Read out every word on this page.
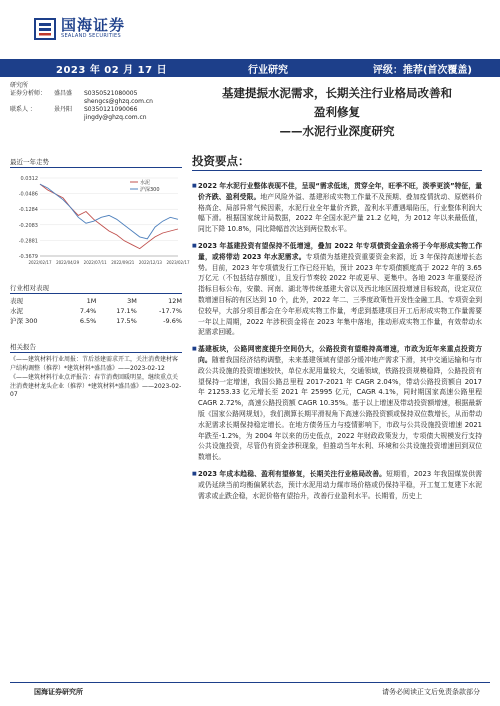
国海证券
SEALAND SECURITIES
2023 年 02 月 17 日	行业研究	评级：推荐(首次覆盖)
研究所
证券分析师：	盛昌盛	S0350521080005
shengcs@ghzq.com.cn
联系人 ：	景丹阳	S0350121090066
jingdy@ghzq.com.cn
基建提振水泥需求，长期关注行业格局改善和
盈利修复
——水泥行业深度研究
最近一年走势
0.0312
-0.0486
-0.1284
-0.2083
-0.2881
-0.3679
2022/02/17 2022/04/29 2022/07/11 2022/09/21 2022/12/13 2023/02/17
水泥
沪深300
行业相对表现
表现	1M	3M	12M
水泥	7.4%	17.1%	-17.7%
沪深 300	6.5%	17.5%	-9.6%
相关报告

《——建筑材料行业周报：节后基建需求开工，关注消费建材客户结构调整（推荐）*建筑材料*盛昌盛》——2023-02-12

《——建筑材料行业点评报告：春节消费回暖明显，继续重点关注消费建材龙头企业（推荐）*建筑材料*盛昌盛》——2023-02-07

投资要点：
■ 2022 年水泥行业整体表现不佳，呈现“需求低迷，贯穿全年，旺季不旺，淡季更淡”特征，量价齐跌、盈利受限。地产风险外溢、基建形成实物工作量不及预期、叠加疫情扰动、原燃料价格高企、局部异常气候因素，水泥行业全年量价齐跌，盈利水平遭遇塌陷压，行业整体利润大幅下滑。根据国家统计局数据，2022 年全国水泥产量 21.2 亿吨，为 2012 年以来最低值，同比下降 10.8%，同比降幅首次达到两位数水平。
■ 2023 年基建投资有望保持不低增速，叠加 2022 年专项债资金盈余将于今年形成实物工作量，或将带动 2023 年水泥需求。专项债为基建投资重要资金来源，近 3 年保持高速增长态势。目前，2023 年专项债发行工作已经开始，预计 2023 年专项债额度高于 2022 年的 3.65 万亿元（不包括结存额度），且发行节奏较 2022 年或更早、更集中。各地 2023 年重要经济指标目标公布，安徽、河南、湖北等传统基建大省以及西北地区固投增速目标较高，设定双位数增速目标的有区达到 10 个，此外，2022 年二、三季度政策性开发性金融工具、专项资金到位较早，大部分项目都会在今年形成实物工作量，考虑到基建项目开工后形成实物工作量需要一年以上周期，2022 年涉积资金将在 2023 年集中落地，推动形成实物工作量，有效带动水泥需求回暖。
■ 基建板块，公路网密度提升空间仍大，公路投资有望维持高增速，市政为近年来重点投资方向。随着我国经济结构调整，未来基建领域有望部分缓冲地产需求下滑，其中交通运输和与市政公共设施的投资增速较快，单位水泥用量较大，交通领域，铁路投资规模稳降，公路投资有望保持一定增速，我国公路总里程 2017-2021 年 CAGR 2.04%，带动公路投资额自 2017 年 21253.33 亿元增长至 2021 年 25995 亿元，CAGR 4.1%，同时期国家高速公路里程 CAGR 2.72%，高速公路投资额 CAGR 10.35%。基于以上增速及带动投资额增速，根据最新版《国家公路网规划》，我们测算长期平滑视角下高速公路投资额或保持双位数增长，从而带动水泥需求长期保持稳定增长。在地方债务压力与疫情影响下，市政与公共设施投资增速 2021 年跌至-1.2%，为 2004 年以来的历史低点，2022 年财政政策发力，专项债大规模发行支持公共设施投资，尽管仍有资金涉积现象，但推动当年水利、环境和公共设施投资增速回到双位数增长。
■ 2023 年成本趋稳、盈利有望修复，长期关注行业格局改善。短期看，2023 年我国煤炭供需或仍延续当前均衡偏紧状态，预计水泥用动力煤市场价格或仍保持平稳，开工复工复建下水泥需求或止跌企稳，水泥价格有望抬升，改善行业盈利水平。长期看，历史上
国海证券研究所	请务必阅读正文后免责条款部分
